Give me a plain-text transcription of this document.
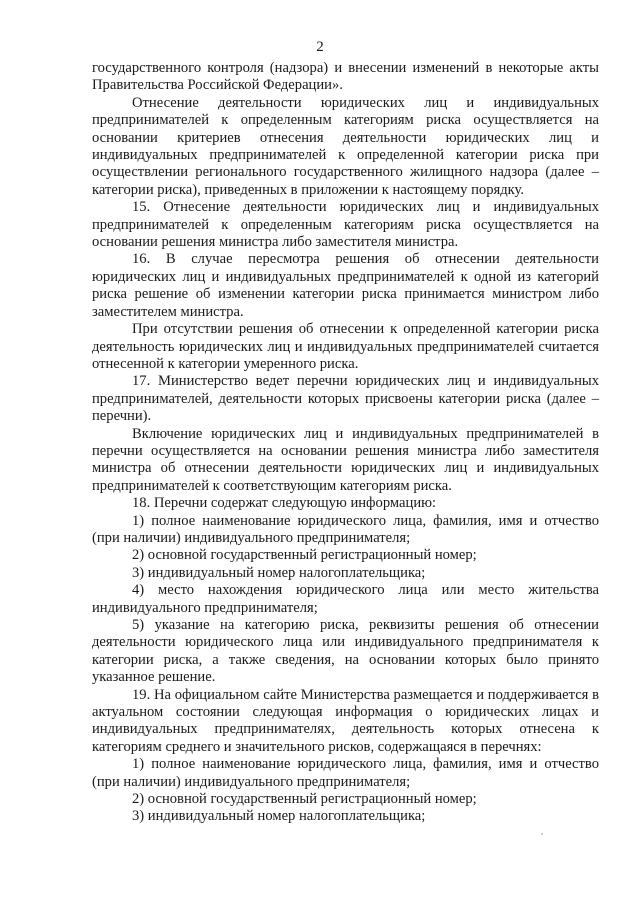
2

государственного контроля (надзора) и внесении изменений в некоторые акты Правительства Российской Федерации».

Отнесение деятельности юридических лиц и индивидуальных предпринимателей к определенным категориям риска осуществляется на основании критериев отнесения деятельности юридических лиц и индивидуальных предпринимателей к определенной категории риска при осуществлении регионального государственного жилищного надзора (далее – категории риска), приведенных в приложении к настоящему порядку.

15. Отнесение деятельности юридических лиц и индивидуальных предпринимателей к определенным категориям риска осуществляется на основании решения министра либо заместителя министра.

16. В случае пересмотра решения об отнесении деятельности юридических лиц и индивидуальных предпринимателей к одной из категорий риска решение об изменении категории риска принимается министром либо заместителем министра.

При отсутствии решения об отнесении к определенной категории риска деятельность юридических лиц и индивидуальных предпринимателей считается отнесенной к категории умеренного риска.

17. Министерство ведет перечни юридических лиц и индивидуальных предпринимателей, деятельности которых присвоены категории риска (далее – перечни).

Включение юридических лиц и индивидуальных предпринимателей в перечни осуществляется на основании решения министра либо заместителя министра об отнесении деятельности юридических лиц и индивидуальных предпринимателей к соответствующим категориям риска.

18. Перечни содержат следующую информацию:

1) полное наименование юридического лица, фамилия, имя и отчество (при наличии) индивидуального предпринимателя;

2) основной государственный регистрационный номер;

3) индивидуальный номер налогоплательщика;

4) место нахождения юридического лица или место жительства индивидуального предпринимателя;

5) указание на категорию риска, реквизиты решения об отнесении деятельности юридического лица или индивидуального предпринимателя к категории риска, а также сведения, на основании которых было принято указанное решение.

19. На официальном сайте Министерства размещается и поддерживается в актуальном состоянии следующая информация о юридических лицах и индивидуальных предпринимателях, деятельность которых отнесена к категориям среднего и значительного рисков, содержащаяся в перечнях:

1) полное наименование юридического лица, фамилия, имя и отчество (при наличии) индивидуального предпринимателя;

2) основной государственный регистрационный номер;

3) индивидуальный номер налогоплательщика;
